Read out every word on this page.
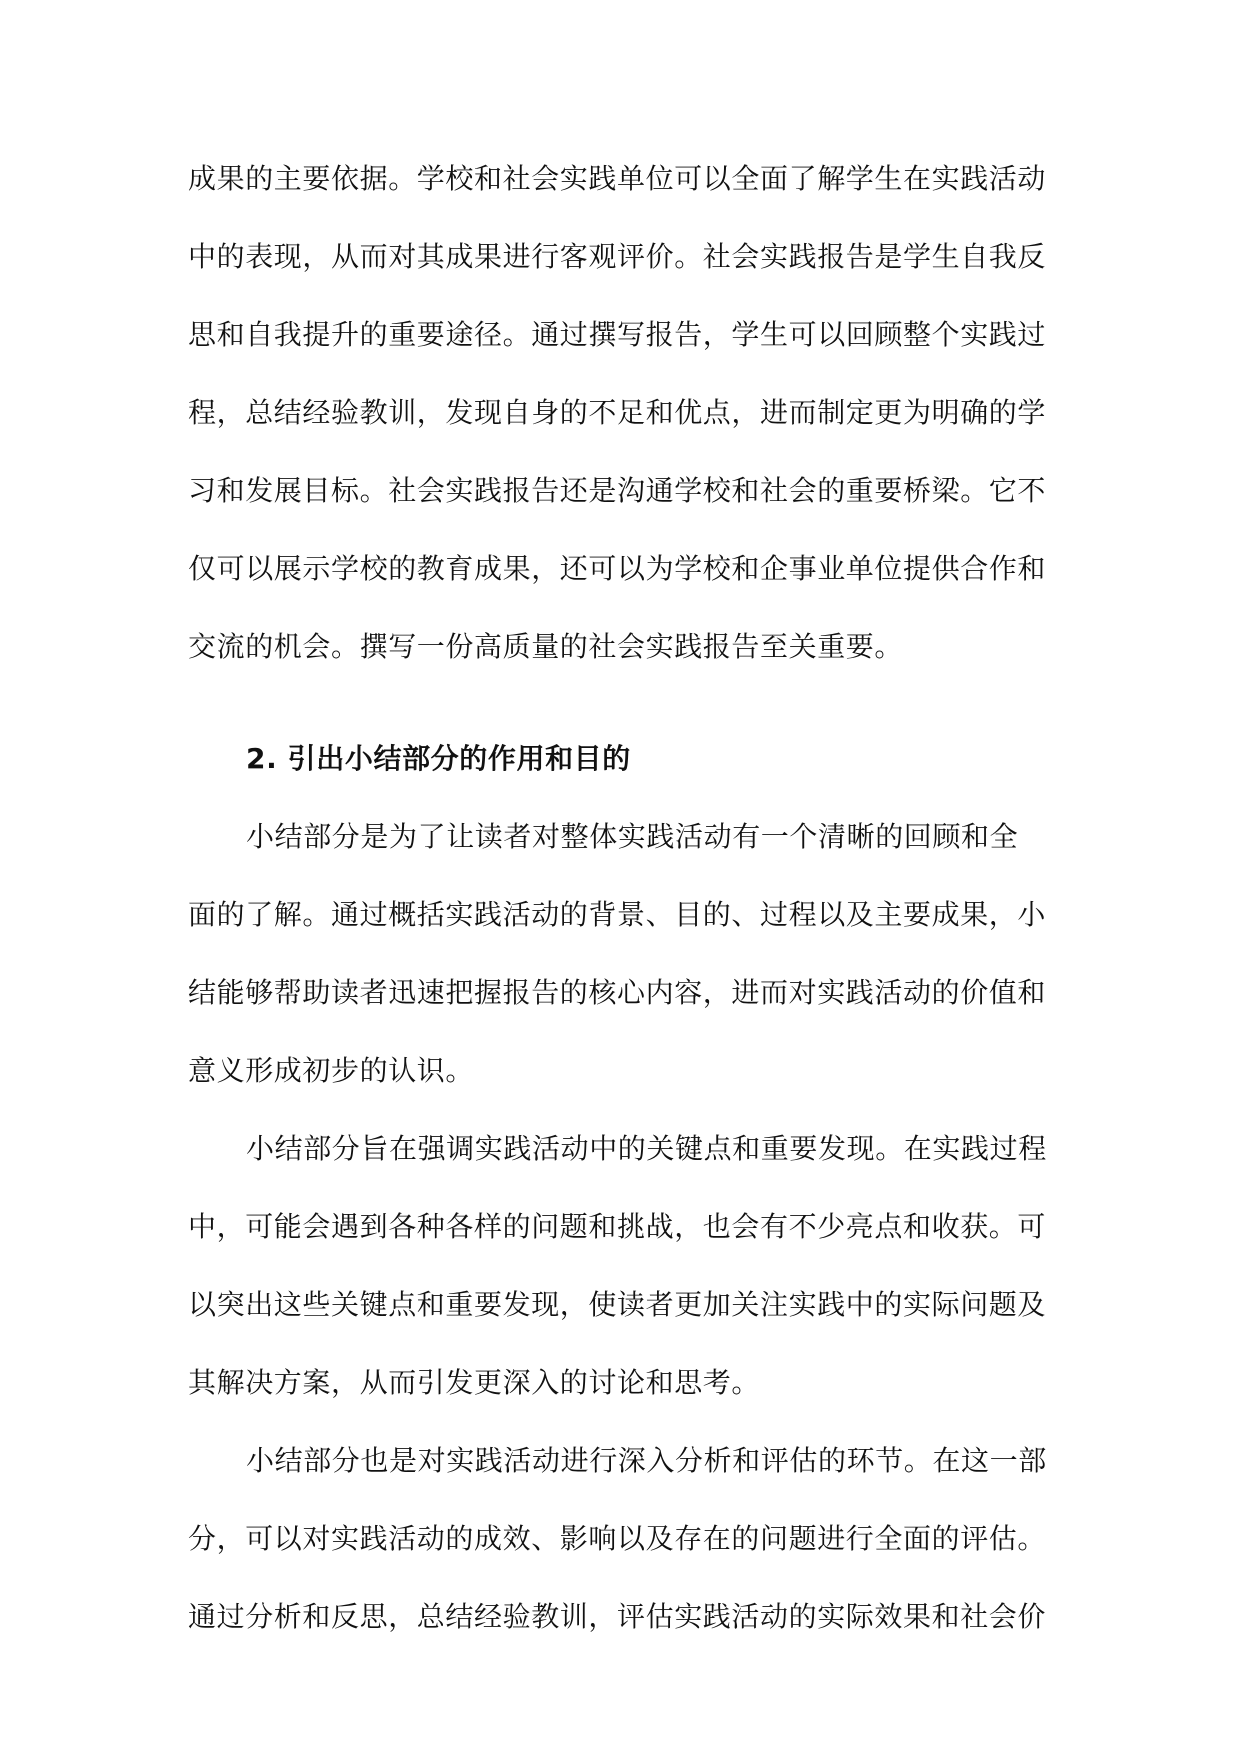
成果的主要依据。学校和社会实践单位可以全面了解学生在实践活动
中的表现，从而对其成果进行客观评价。社会实践报告是学生自我反
思和自我提升的重要途径。通过撰写报告，学生可以回顾整个实践过
程，总结经验教训，发现自身的不足和优点，进而制定更为明确的学
习和发展目标。社会实践报告还是沟通学校和社会的重要桥梁。它不
仅可以展示学校的教育成果，还可以为学校和企事业单位提供合作和
交流的机会。撰写一份高质量的社会实践报告至关重要。
2. 引出小结部分的作用和目的
小结部分是为了让读者对整体实践活动有一个清晰的回顾和全
面的了解。通过概括实践活动的背景、目的、过程以及主要成果，小
结能够帮助读者迅速把握报告的核心内容，进而对实践活动的价值和
意义形成初步的认识。
小结部分旨在强调实践活动中的关键点和重要发现。在实践过程
中，可能会遇到各种各样的问题和挑战，也会有不少亮点和收获。可
以突出这些关键点和重要发现，使读者更加关注实践中的实际问题及
其解决方案，从而引发更深入的讨论和思考。
小结部分也是对实践活动进行深入分析和评估的环节。在这一部
分，可以对实践活动的成效、影响以及存在的问题进行全面的评估。
通过分析和反思，总结经验教训，评估实践活动的实际效果和社会价
